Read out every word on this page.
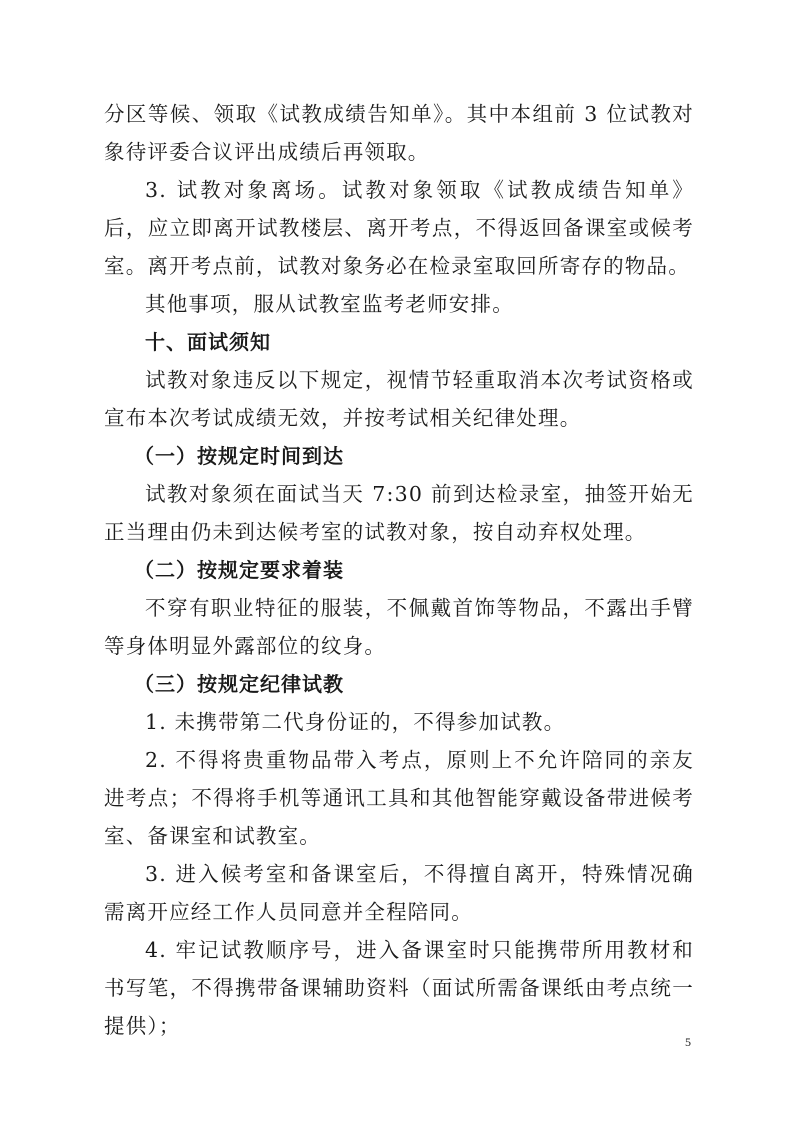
分区等候、领取《试教成绩告知单》。其中本组前 3 位试教对象待评委合议评出成绩后再领取。

3. 试教对象离场。试教对象领取《试教成绩告知单》后，应立即离开试教楼层、离开考点，不得返回备课室或候考室。离开考点前，试教对象务必在检录室取回所寄存的物品。

其他事项，服从试教室监考老师安排。

十、面试须知

试教对象违反以下规定，视情节轻重取消本次考试资格或宣布本次考试成绩无效，并按考试相关纪律处理。

（一）按规定时间到达

试教对象须在面试当天 7:30 前到达检录室，抽签开始无正当理由仍未到达候考室的试教对象，按自动弃权处理。

（二）按规定要求着装

不穿有职业特征的服装，不佩戴首饰等物品，不露出手臂等身体明显外露部位的纹身。

（三）按规定纪律试教

1. 未携带第二代身份证的，不得参加试教。

2. 不得将贵重物品带入考点，原则上不允许陪同的亲友进考点；不得将手机等通讯工具和其他智能穿戴设备带进候考室、备课室和试教室。

3. 进入候考室和备课室后，不得擅自离开，特殊情况确需离开应经工作人员同意并全程陪同。

4. 牢记试教顺序号，进入备课室时只能携带所用教材和书写笔，不得携带备课辅助资料（面试所需备课纸由考点统一提供）；

5
